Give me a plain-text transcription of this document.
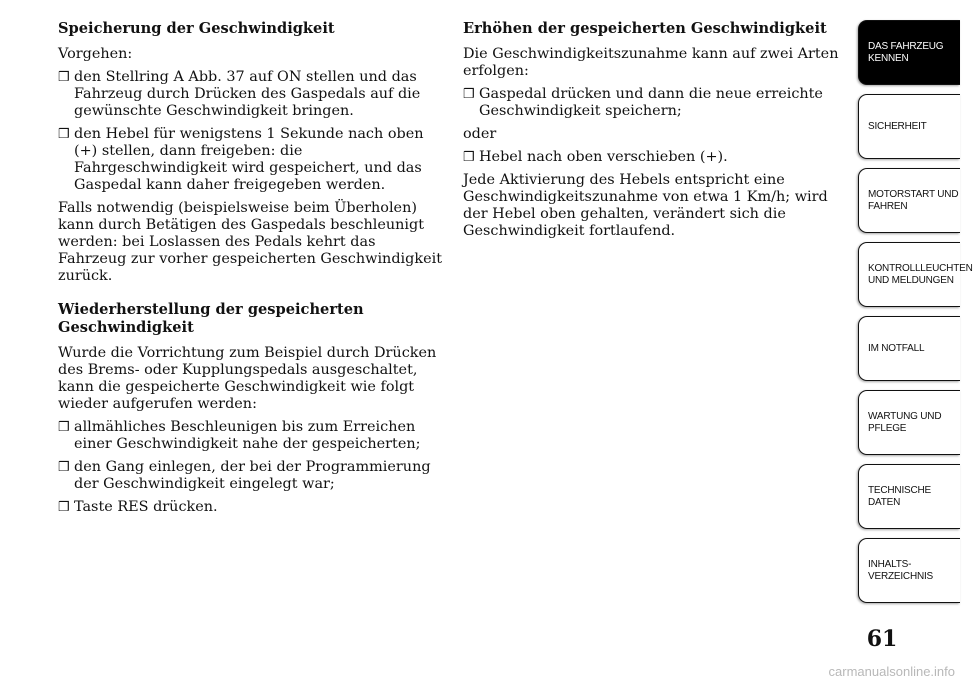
Speicherung der Geschwindigkeit

Vorgehen:

❒ den Stellring A Abb. 37 auf ON stellen und das Fahrzeug durch Drücken des Gaspedals auf die gewünschte Geschwindigkeit bringen.
❒ den Hebel für wenigstens 1 Sekunde nach oben (+) stellen, dann freigeben: die Fahrgeschwindigkeit wird gespeichert, und das Gaspedal kann daher freigegeben werden.

Falls notwendig (beispielsweise beim Überholen) kann durch Betätigen des Gaspedals beschleunigt werden: bei Loslassen des Pedals kehrt das Fahrzeug zur vorher gespeicherten Geschwindigkeit zurück.

Wiederherstellung der gespeicherten Geschwindigkeit

Wurde die Vorrichtung zum Beispiel durch Drücken des Brems- oder Kupplungspedals ausgeschaltet, kann die gespeicherte Geschwindigkeit wie folgt wieder aufgerufen werden:

❒ allmähliches Beschleunigen bis zum Erreichen einer Geschwindigkeit nahe der gespeicherten;
❒ den Gang einlegen, der bei der Programmierung der Geschwindigkeit eingelegt war;
❒ Taste RES drücken.
Erhöhen der gespeicherten Geschwindigkeit

Die Geschwindigkeitszunahme kann auf zwei Arten erfolgen:

❒ Gaspedal drücken und dann die neue erreichte Geschwindigkeit speichern;

oder

❒ Hebel nach oben verschieben (+).

Jede Aktivierung des Hebels entspricht eine Geschwindigkeitszunahme von etwa 1 Km/h; wird der Hebel oben gehalten, verändert sich die Geschwindigkeit fortlaufend.

DAS FAHRZEUG
KENNEN
SICHERHEIT
MOTORSTART UND
FAHREN
KONTROLLLEUCHTEN
UND MELDUNGEN
IM NOTFALL
WARTUNG UND
PFLEGE
TECHNISCHE
DATEN
INHALTS-
VERZEICHNIS
61
carmanualsonline.info
